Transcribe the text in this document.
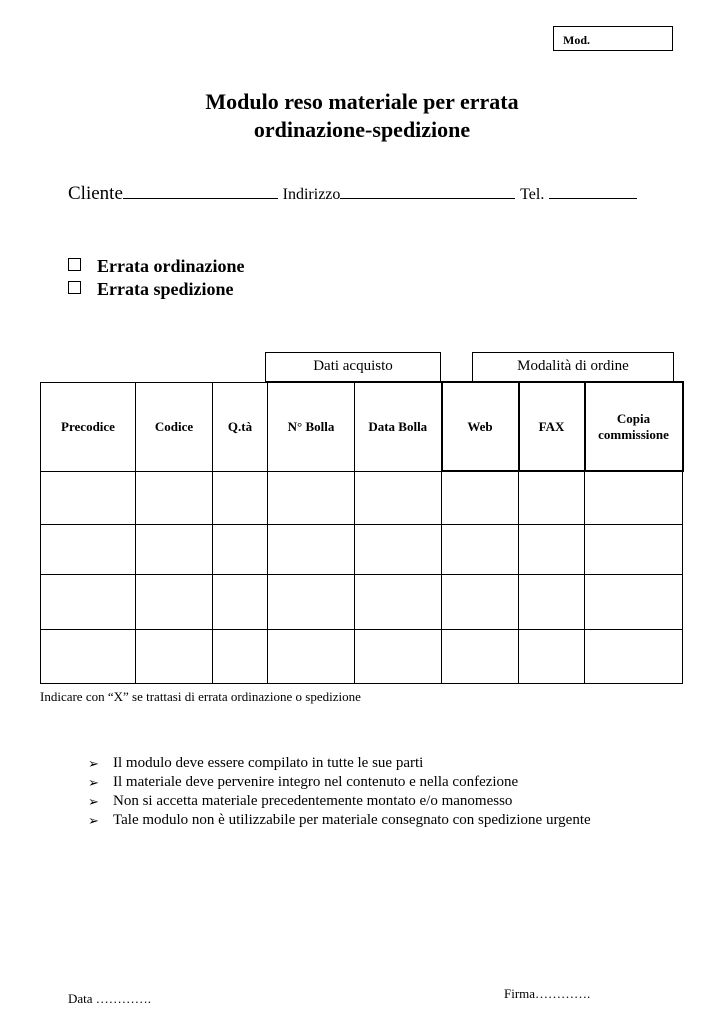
Mod.
Modulo reso materiale per errata
ordinazione-spedizione
Cliente	Indirizzo	Tel.
Errata ordinazione
Errata spedizione
Dati acquisto	Modalità di ordine
Precodice	Codice	Q.tà	N° Bolla	Data Bolla	Web	FAX	Copia commissione

Indicare con “X” se trattasi di errata ordinazione o spedizione
➢ Il modulo deve essere compilato in tutte le sue parti
➢ Il materiale deve pervenire integro nel contenuto e nella confezione
➢ Non si accetta materiale precedentemente montato e/o manomesso
➢ Tale modulo non è utilizzabile per materiale consegnato con spedizione urgente
Data ………….	Firma………….
